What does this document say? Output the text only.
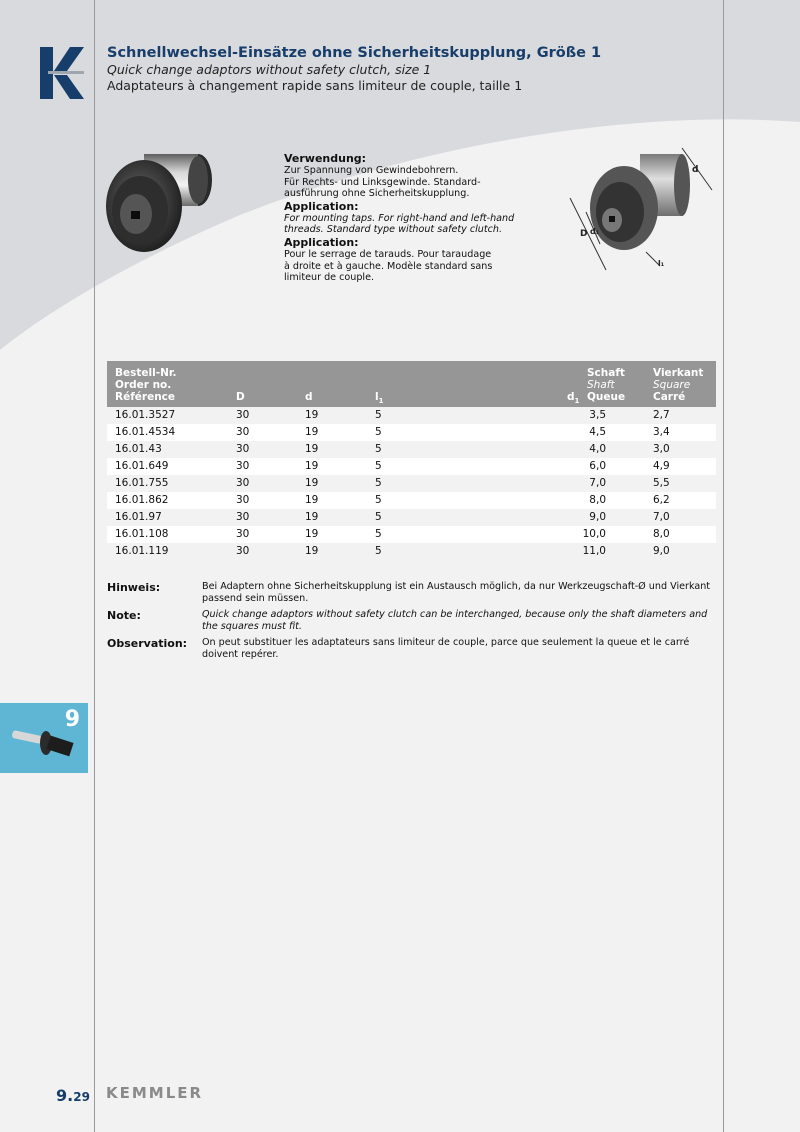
Schnellwechsel-Einsätze ohne Sicherheitskupplung, Größe 1
Quick change adaptors without safety clutch, size 1
Adaptateurs à changement rapide sans limiteur de couple, taille 1
Verwendung:
Zur Spannung von Gewindebohrern.
Für Rechts- und Linksgewinde. Standard-
ausführung ohne Sicherheitskupplung.
Application:
For mounting taps. For right-hand and left-hand
threads. Standard type without safety clutch.
Application:
Pour le serrage de tarauds. Pour taraudage
à droite et à gauche. Modèle standard sans
limiteur de couple.
d
D d₁
l₁
Bestell-Nr.
Order no.
Référence	D	d	$l_1$	$d_1$
Schaft
Shaft
Queue
Vierkant
Square
Carré
16.01.3527	30	19	5	3,5	2,7
16.01.4534	30	19	5	4,5	3,4
16.01.43	30	19	5	4,0	3,0
16.01.649	30	19	5	6,0	4,9
16.01.755	30	19	5	7,0	5,5
16.01.862	30	19	5	8,0	6,2
16.01.97	30	19	5	9,0	7,0
16.01.108	30	19	5	10,0	8,0
16.01.119	30	19	5	11,0	9,0
Hinweis:	Bei Adaptern ohne Sicherheitskupplung ist ein Austausch möglich, da nur Werkzeugschaft-Ø und Vierkant passend sein müssen.
Note:	Quick change adaptors without safety clutch can be interchanged, because only the shaft diameters and the squares must fit.
Observation: On peut substituer les adaptateurs sans limiteur de couple, parce que seulement la queue et le carré doivent repérer.
9
9.29 KEMMLER
